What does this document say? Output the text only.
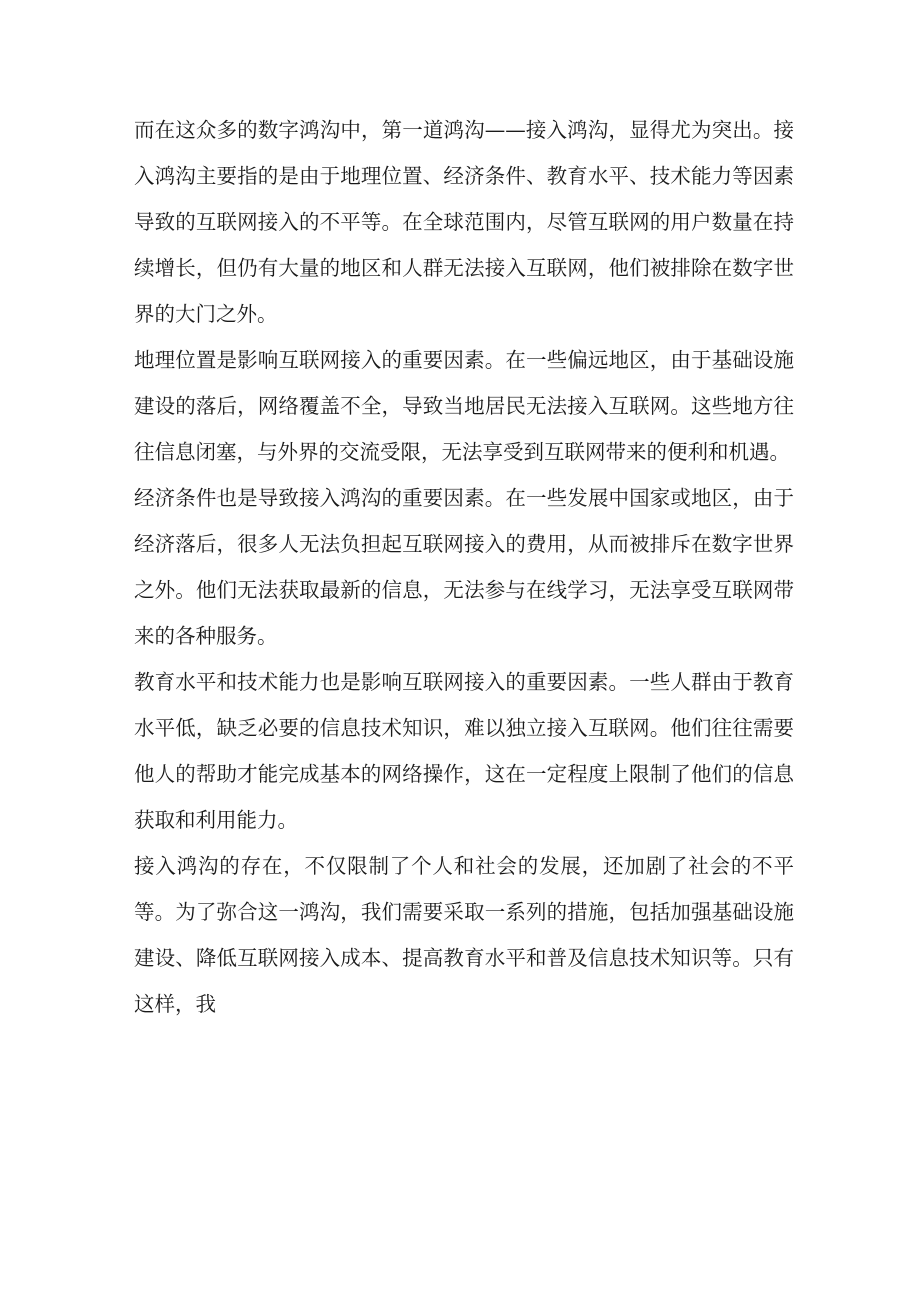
而在这众多的数字鸿沟中，第一道鸿沟——接入鸿沟，显得尤为突出。接入鸿沟主要指的是由于地理位置、经济条件、教育水平、技术能力等因素导致的互联网接入的不平等。在全球范围内，尽管互联网的用户数量在持续增长，但仍有大量的地区和人群无法接入互联网，他们被排除在数字世界的大门之外。

地理位置是影响互联网接入的重要因素。在一些偏远地区，由于基础设施建设的落后，网络覆盖不全，导致当地居民无法接入互联网。这些地方往往信息闭塞，与外界的交流受限，无法享受到互联网带来的便利和机遇。

经济条件也是导致接入鸿沟的重要因素。在一些发展中国家或地区，由于经济落后，很多人无法负担起互联网接入的费用，从而被排斥在数字世界之外。他们无法获取最新的信息，无法参与在线学习，无法享受互联网带来的各种服务。

教育水平和技术能力也是影响互联网接入的重要因素。一些人群由于教育水平低，缺乏必要的信息技术知识，难以独立接入互联网。他们往往需要他人的帮助才能完成基本的网络操作，这在一定程度上限制了他们的信息获取和利用能力。

接入鸿沟的存在，不仅限制了个人和社会的发展，还加剧了社会的不平等。为了弥合这一鸿沟，我们需要采取一系列的措施，包括加强基础设施建设、降低互联网接入成本、提高教育水平和普及信息技术知识等。只有这样，我
